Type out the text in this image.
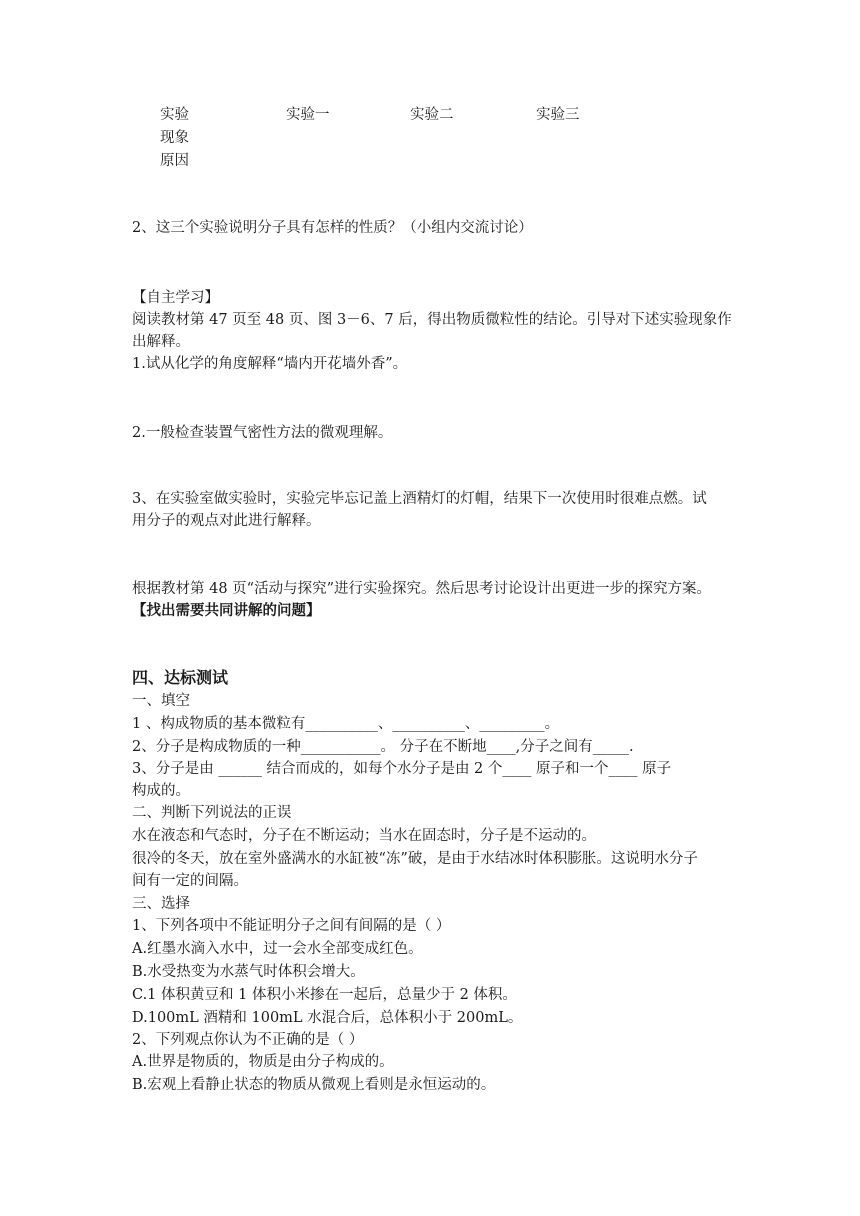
实验	实验一	实验二	实验三
现象
原因
2、这三个实验说明分子具有怎样的性质？（小组内交流讨论）
【自主学习】
阅读教材第 47 页至 48 页、图 3－6、7 后，得出物质微粒性的结论。引导对下述实验现象作
出解释。
1.试从化学的角度解释“墙内开花墙外香”。
2.一般检查装置气密性方法的微观理解。
3、在实验室做实验时，实验完毕忘记盖上酒精灯的灯帽，结果下一次使用时很难点燃。试
用分子的观点对此进行解释。
根据教材第 48 页“活动与探究”进行实验探究。然后思考讨论设计出更进一步的探究方案。
【找出需要共同讲解的问题】
四、达标测试
一、填空
1 、构成物质的基本微粒有__________、__________、_________。
2、分子是构成物质的一种___________。 分子在不断地____,分子之间有_____.
3、分子是由 ______ 结合而成的，如每个水分子是由 2 个____ 原子和一个____ 原子
构成的。
二、判断下列说法的正误
水在液态和气态时，分子在不断运动；当水在固态时，分子是不运动的。
很冷的冬天，放在室外盛满水的水缸被“冻”破，是由于水结冰时体积膨胀。这说明水分子
间有一定的间隔。
三、选择
1、下列各项中不能证明分子之间有间隔的是（ ）
A.红墨水滴入水中，过一会水全部变成红色。
B.水受热变为水蒸气时体积会增大。
C.1 体积黄豆和 1 体积小米掺在一起后，总量少于 2 体积。
D.100mL 酒精和 100mL 水混合后，总体积小于 200mL。
2、下列观点你认为不正确的是（ ）
A.世界是物质的，物质是由分子构成的。
B.宏观上看静止状态的物质从微观上看则是永恒运动的。
